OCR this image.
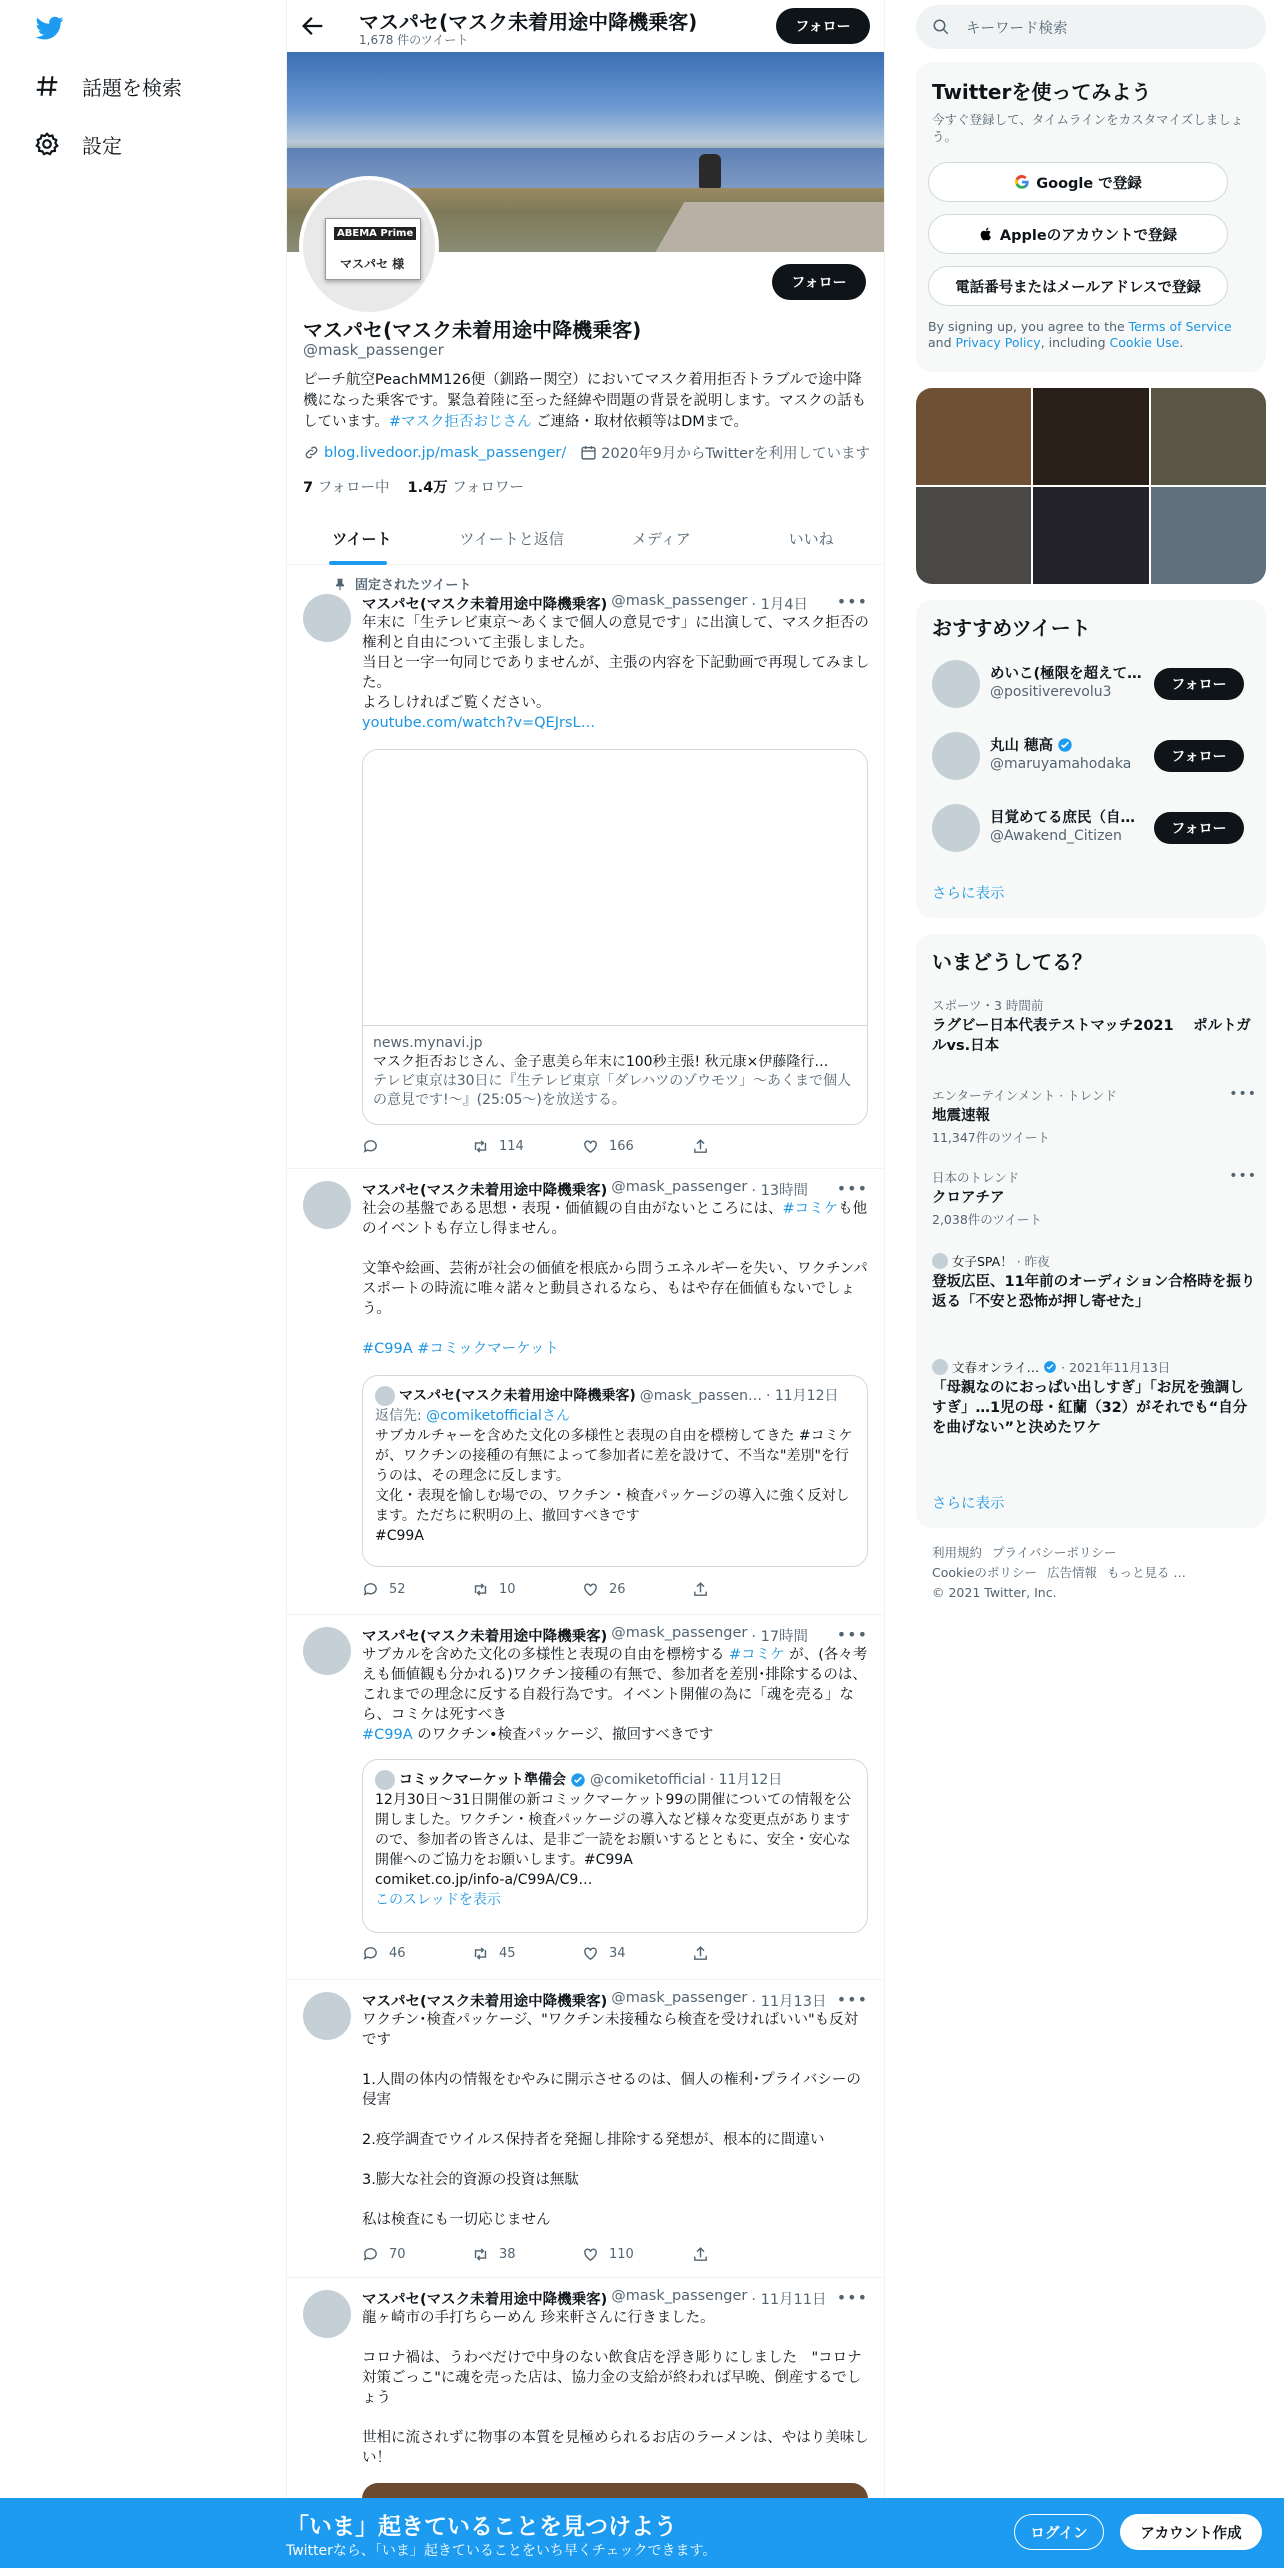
話題を検索
設定
マスパセ(マスク未着用途中降機乗客)
1,678 件のツイート
フォロー
ABEMA Prime
マスパセ 様
フォロー
マスパセ(マスク未着用途中降機乗客)
@mask_passenger
ピーチ航空PeachMM126便（釧路ー関空）においてマスク着用拒否トラブルで途中降機になった乗客です。緊急着陸に至った経緯や問題の背景を説明します。マスクの話もしています。#マスク拒否おじさん ご連絡・取材依頼等はDMまで。
blog.livedoor.jp/mask_passenger/ 2020年9月からTwitterを利用しています
7 フォロー中 1.4万 フォロワー
ツイート	ツイートと返信	メディア	いいね
固定されたツイート
•••
マスパセ(マスク未着用途中降機乗客) @mask_passenger · 1月4日
年末に「生テレビ東京〜あくまで個人の意見です」に出演して、マスク拒否の権利と自由について主張しました。
当日と一字一句同じでありませんが、主張の内容を下記動画で再現してみました。
よろしければご覧ください。
youtube.com/watch?v=QEJrsL…
news.mynavi.jp
マスク拒否おじさん、金子恵美ら年末に100秒主張! 秋元康×伊藤隆行…
テレビ東京は30日に『生テレビ東京「ダレハツのゾウモツ」～あくまで個人の意見です!～』(25:05～)を放送する。
114	166
•••
マスパセ(マスク未着用途中降機乗客) @mask_passenger · 13時間
社会の基盤である思想・表現・価値観の自由がないところには、#コミケも他のイベントも存立し得ません。

文筆や絵画、芸術が社会の価値を根底から問うエネルギーを失い、ワクチンパスポートの時流に唯々諾々と動員されるなら、もはや存在価値もないでしょう。

#C99A #コミックマーケット
マスパセ(マスク未着用途中降機乗客) @mask_passen… · 11月12日
返信先: @comiketofficialさん
サブカルチャーを含めた文化の多様性と表現の自由を標榜してきた #コミケ が、ワクチンの接種の有無によって参加者に差を設けて、不当な"差別"を行うのは、その理念に反します。
文化・表現を愉しむ場での、ワクチン・検査パッケージの導入に強く反対します。ただちに釈明の上、撤回すべきです
#C99A
52	10	26
•••
マスパセ(マスク未着用途中降機乗客) @mask_passenger · 17時間
サブカルを含めた文化の多様性と表現の自由を標榜する #コミケ が、(各々考えも価値観も分かれる)ワクチン接種の有無で、参加者を差別･排除するのは、これまでの理念に反する自殺行為です。イベント開催の為に「魂を売る」なら、コミケは死すべき
#C99A のワクチン•検査パッケージ、撤回すべきです
コミックマーケット準備会 @comiketofficial · 11月12日
12月30日～31日開催の新コミックマーケット99の開催についての情報を公開しました。ワクチン・検査パッケージの導入など様々な変更点がありますので、参加者の皆さんは、是非ご一読をお願いするとともに、安全・安心な開催へのご協力をお願いします。#C99A
comiket.co.jp/info-a/C99A/C9…
このスレッドを表示
46	45	34
•••
マスパセ(マスク未着用途中降機乗客) @mask_passenger · 11月13日
ワクチン･検査パッケージ、"ワクチン未接種なら検査を受ければいい"も反対です

1.人間の体内の情報をむやみに開示させるのは、個人の権利･プライバシーの侵害

2.疫学調査でウイルス保持者を発掘し排除する発想が、根本的に間違い

3.膨大な社会的資源の投資は無駄

私は検査にも一切応じません
70	38	110
•••
マスパセ(マスク未着用途中降機乗客) @mask_passenger · 11月11日
龍ヶ崎市の手打ちらーめん 珍来軒さんに行きました。

コロナ禍は、うわべだけで中身のない飲食店を浮き彫りにしました　"コロナ対策ごっこ"に魂を売った店は、協力金の支給が終われば早晩、倒産するでしょう

世相に流されずに物事の本質を見極められるお店のラーメンは、やはり美味しい！
キーワード検索
Twitterを使ってみよう
今すぐ登録して、タイムラインをカスタマイズしましょう。
Google で登録
Appleのアカウントで登録
電話番号またはメールアドレスで登録
By signing up, you agree to the Terms of Service and Privacy Policy, including Cookie Use.
おすすめツイート
めいこ(極限を超えて…
@positiverevolu3	フォロー
丸山 穂高
@maruyamahodaka	フォロー
目覚めてる庶民（自…
@Awakend_Citizen	フォロー
さらに表示
いまどうしてる？
スポーツ・3 時間前
ラグビー日本代表テストマッチ2021　 ポルトガルvs.日本
•••
エンターテインメント · トレンド
地震速報
11,347件のツイート
•••
日本のトレンド
クロアチア
2,038件のツイート
女子SPA！ · 昨夜
登坂広臣、11年前のオーディション合格時を振り返る「不安と恐怖が押し寄せた」
文春オンライ… · 2021年11月13日
「母親なのにおっぱい出しすぎ」「お尻を強調しすぎ」…1児の母・紅蘭（32）がそれでも“自分を曲げない”と決めたワケ
さらに表示
利用規約 プライバシーポリシー
Cookieのポリシー 広告情報 もっと見る …
© 2021 Twitter, Inc.
「いま」起きていることを見つけよう
Twitterなら、「いま」起きていることをいち早くチェックできます。
ログイン	アカウント作成
